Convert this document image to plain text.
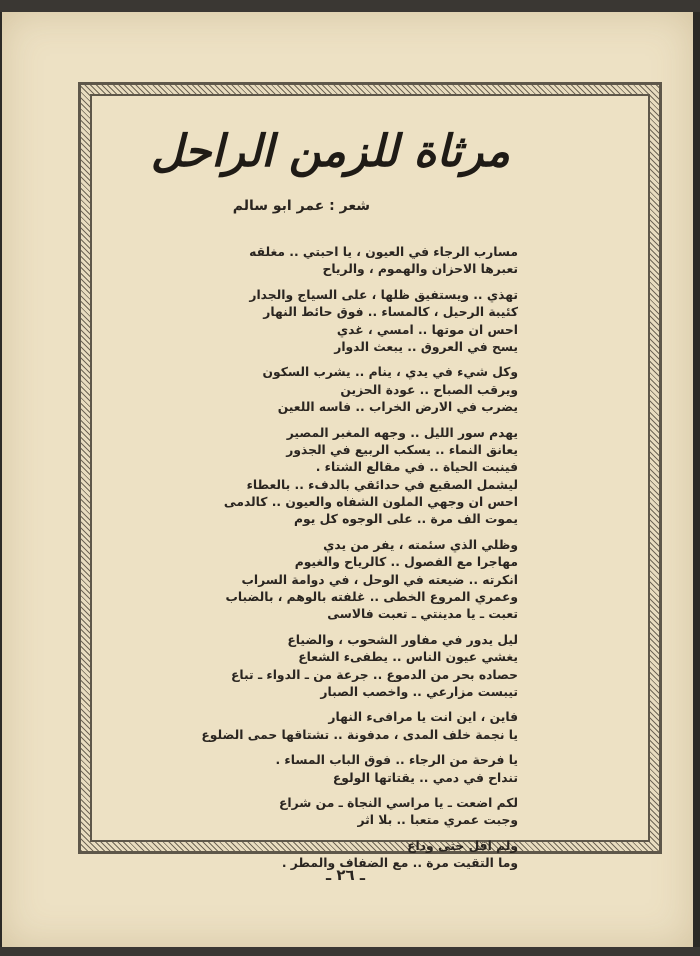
مرثاة للزمن الراحل
شعر : عمر ابو سالم
مسارب الرجاء في العيون ، يا احبتي .. مغلقه
تعبرها الاحزان والهموم ، والرياح
تهذي .. ويستفيق ظلها ، على السياج والجدار
كئيبة الرحيل ، كالمساء .. فوق حائط النهار
احس ان موتها .. امسي ، غدي
يسح في العروق .. يبعث الدوار
وكل شيء في يدي ، ينام .. يشرب السكون
ويرقب الصباح .. عودة الحزين
يضرب في الارض الخراب .. فاسه اللعين
يهدم سور الليل .. وجهه المغبر المصير
يعانق النماء .. يسكب الربيع في الجذور
فينبت الحياة .. في مقالع الشتاء .
ليشمل الصقيع في حدائقي بالدفء .. بالعطاء
احس ان وجهي الملون الشفاه والعيون .. كالدمى
يموت الف مرة .. على الوجوه كل يوم
وظلي الذي سئمته ، يفر من يدي
مهاجرا مع الفصول .. كالرياح والغيوم
انكرته .. ضيعته في الوحل ، في دوامة السراب
وعمري المروع الخطى .. غلفته بالوهم ، بالضباب
تعبت ـ يا مدينتي ـ تعبت فالاسى
ليل يدور في مفاور الشحوب ، والضياع
يغشي عيون الناس .. يطفىء الشعاع
حصاده بحر من الدموع .. جرعة من ـ الدواء ـ تباع
تيبست مزارعي .. واخصب الصبار
فاين ، اين انت يا مرافىء النهار
يا نجمة خلف المدى ، مدفونة .. تشتاقها حمى الضلوع
يا فرحة من الرجاء .. فوق الباب المساء .
تنداح في دمي .. يقتاتها الولوع
لكم اضعت ـ يا مراسي النجاة ـ من شراع
وجبت عمري متعبا .. بلا اثر
ولم اقل حتى وداع
وما التقيت مرة .. مع الضفاف والمطر .
ـ ٢٦ ـ
